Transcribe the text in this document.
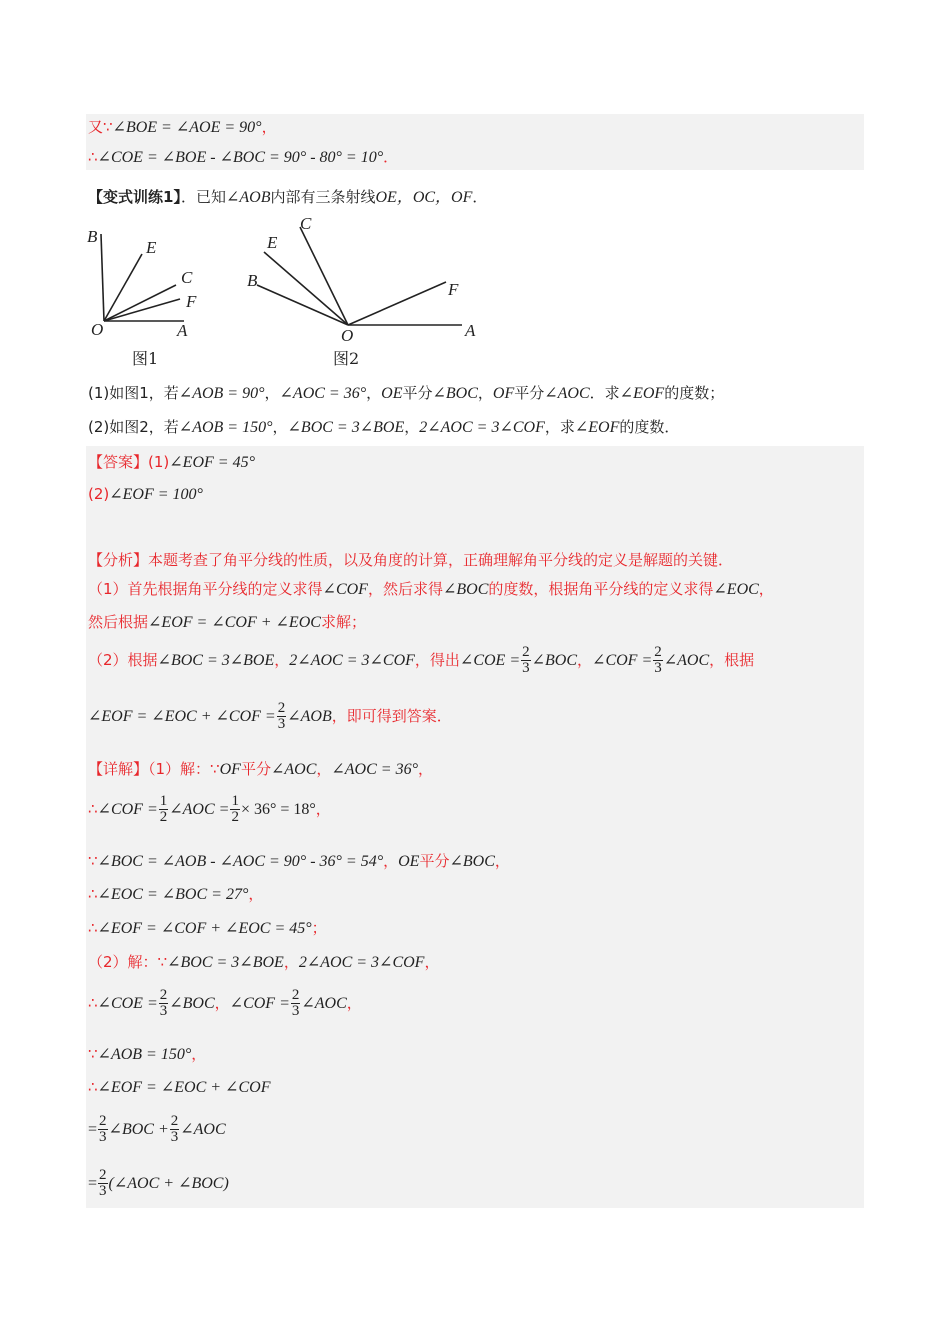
又∵∠BOE = ∠AOE = 90°，
∴∠COE = ∠BOE - ∠BOC = 90° - 80° = 10°．
【变式训练1】．已知∠AOB内部有三条射线OE，OC，OF．
B
E
C
F
O	A
图1
C
E
B	F
O	A
图2
(1)如图1，若∠AOB = 90°，∠AOC = 36°，OE平分∠BOC，OF平分∠AOC．求∠EOF的度数；
(2)如图2，若∠AOB = 150°，∠BOC = 3∠BOE，2∠AOC = 3∠COF，求∠EOF的度数．
【答案】(1)∠EOF = 45°
(2)∠EOF = 100°
【分析】本题考查了角平分线的性质，以及角度的计算，正确理解角平分线的定义是解题的关键．
（1）首先根据角平分线的定义求得∠COF，然后求得∠BOC的度数，根据角平分线的定义求得∠EOC，
然后根据∠EOF = ∠COF + ∠EOC求解；
（2）根据∠BOC = 3∠BOE，2∠AOC = 3∠COF，得出∠COE = $\frac{2}{3}$ ∠BOC，∠COF = $\frac{2}{3}$ ∠AOC，根据
∠EOF = ∠EOC + ∠COF = $\frac{2}{3}$ ∠AOB，即可得到答案．
【详解】（1）解：∵OF平分∠AOC，∠AOC = 36°，
∴∠COF = $\frac{1}{2}$ ∠AOC = $\frac{1}{2} \times 36^\circ = 18^\circ$，
∵∠BOC = ∠AOB - ∠AOC = 90° - 36° = 54°，OE平分∠BOC，
∴∠EOC = ∠BOC = 27°，
∴∠EOF = ∠COF + ∠EOC = 45°；
（2）解：∵∠BOC = 3∠BOE，2∠AOC = 3∠COF，
∴∠COE = $\frac{2}{3}$ ∠BOC，∠COF = $\frac{2}{3}$ ∠AOC，
∵∠AOB = 150°，
∴∠EOF = ∠EOC + ∠COF
= $\frac{2}{3}$ ∠BOC + $\frac{2}{3}$ ∠AOC
= $\frac{2}{3}$ (∠AOC + ∠BOC)
